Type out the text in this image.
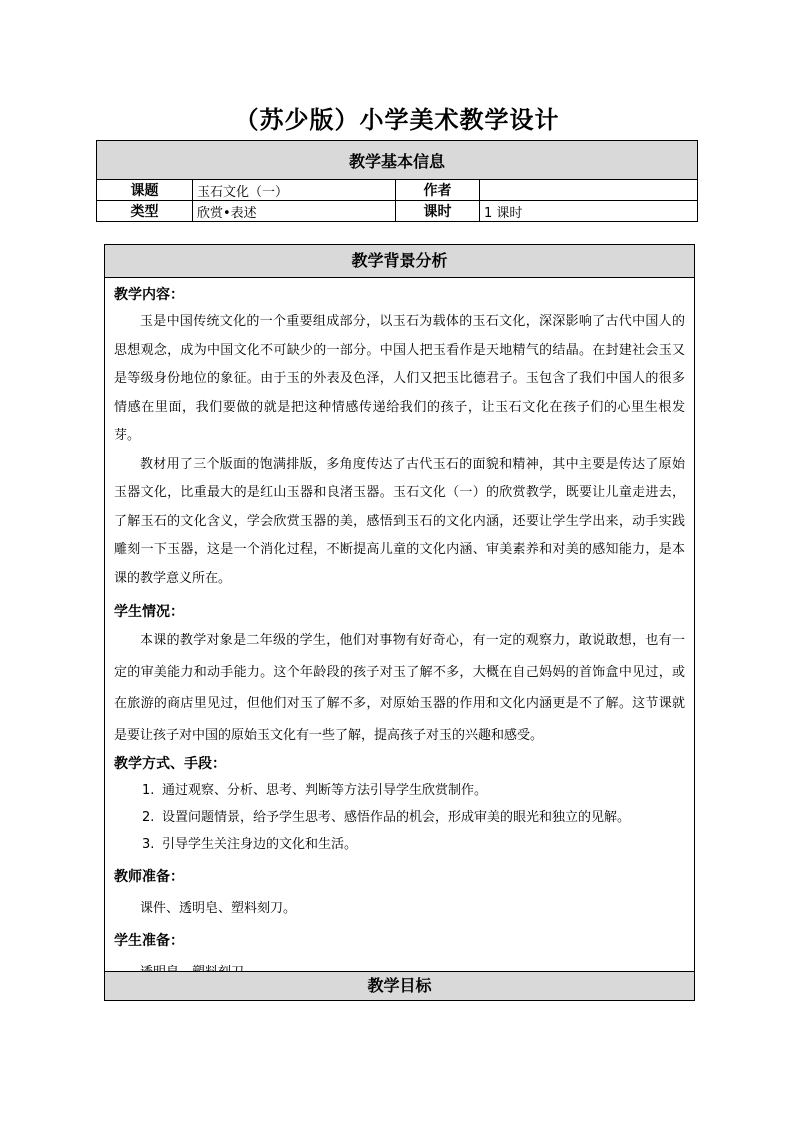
（苏少版）小学美术教学设计
教学基本信息			
课题	玉石文化（一）	作者	
类型	欣赏•表述	课时	1 课时
教学背景分析
教学内容：

玉是中国传统文化的一个重要组成部分，以玉石为载体的玉石文化，深深影响了古代中国人的思想观念，成为中国文化不可缺少的一部分。中国人把玉看作是天地精气的结晶。在封建社会玉又是等级身份地位的象征。由于玉的外表及色泽，人们又把玉比德君子。玉包含了我们中国人的很多情感在里面，我们要做的就是把这种情感传递给我们的孩子，让玉石文化在孩子们的心里生根发芽。

教材用了三个版面的饱满排版，多角度传达了古代玉石的面貌和精神，其中主要是传达了原始玉器文化，比重最大的是红山玉器和良渚玉器。玉石文化（一）的欣赏教学，既要让儿童走进去，了解玉石的文化含义，学会欣赏玉器的美，感悟到玉石的文化内涵，还要让学生学出来，动手实践雕刻一下玉器，这是一个消化过程，不断提高儿童的文化内涵、审美素养和对美的感知能力，是本课的教学意义所在。

学生情况：

本课的教学对象是二年级的学生，他们对事物有好奇心，有一定的观察力，敢说敢想，也有一定的审美能力和动手能力。这个年龄段的孩子对玉了解不多，大概在自己妈妈的首饰盒中见过，或在旅游的商店里见过，但他们对玉了解不多，对原始玉器的作用和文化内涵更是不了解。这节课就是要让孩子对中国的原始玉文化有一些了解，提高孩子对玉的兴趣和感受。

教学方式、手段：
1. 通过观察、分析、思考、判断等方法引导学生欣赏制作。
2. 设置问题情景，给予学生思考、感悟作品的机会，形成审美的眼光和独立的见解。
3. 引导学生关注身边的文化和生活。
教师准备：
课件、透明皂、塑料刻刀。
学生准备：
教学目标
